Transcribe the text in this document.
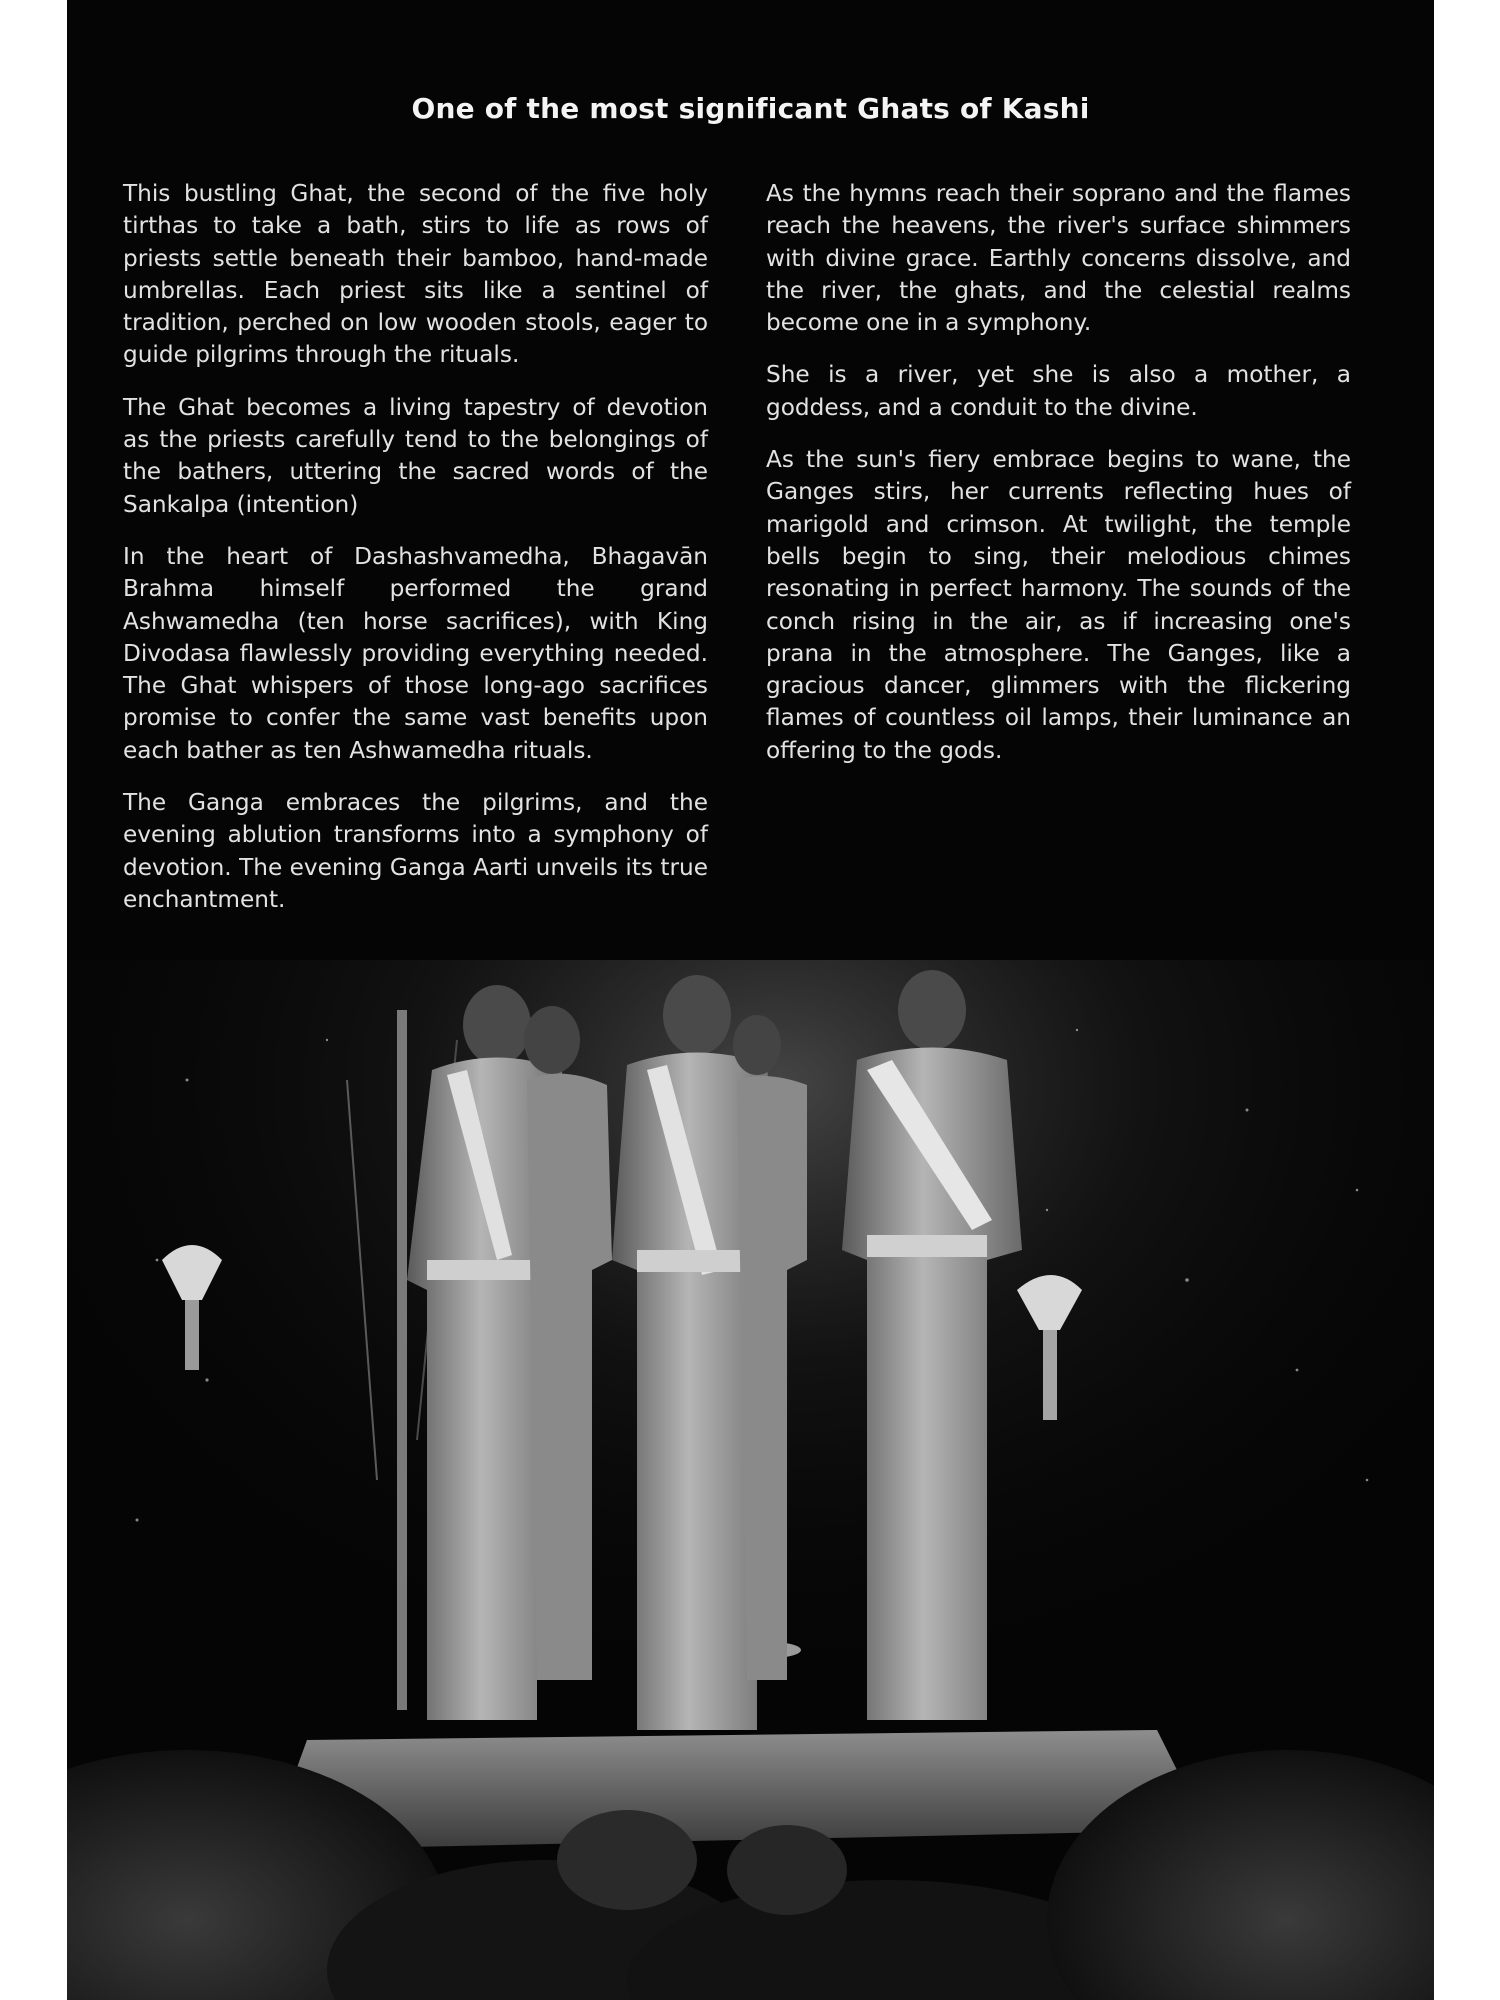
One of the most significant Ghats of Kashi

This bustling Ghat, the second of the five holy tirthas to take a bath, stirs to life as rows of priests settle beneath their bamboo, hand-made umbrellas. Each priest sits like a sentinel of tradition, perched on low wooden stools, eager to guide pilgrims through the rituals.

The Ghat becomes a living tapestry of devotion as the priests carefully tend to the belongings of the bathers, uttering the sacred words of the Sankalpa (intention)

In the heart of Dashashvamedha, Bhagavān Brahma himself performed the grand Ashwamedha (ten horse sacrifices), with King Divodasa flawlessly providing everything needed. The Ghat whispers of those long-ago sacrifices promise to confer the same vast benefits upon each bather as ten Ashwamedha rituals.

The Ganga embraces the pilgrims, and the evening ablution transforms into a symphony of devotion. The evening Ganga Aarti unveils its true enchantment.

As the hymns reach their soprano and the flames reach the heavens, the river's surface shimmers with divine grace. Earthly concerns dissolve, and the river, the ghats, and the celestial realms become one in a symphony.

She is a river, yet she is also a mother, a goddess, and a conduit to the divine.

As the sun's fiery embrace begins to wane, the Ganges stirs, her currents reflecting hues of marigold and crimson. At twilight, the temple bells begin to sing, their melodious chimes resonating in perfect harmony. The sounds of the conch rising in the air, as if increasing one's prana in the atmosphere. The Ganges, like a gracious dancer, glimmers with the flickering flames of countless oil lamps, their luminance an offering to the gods.
